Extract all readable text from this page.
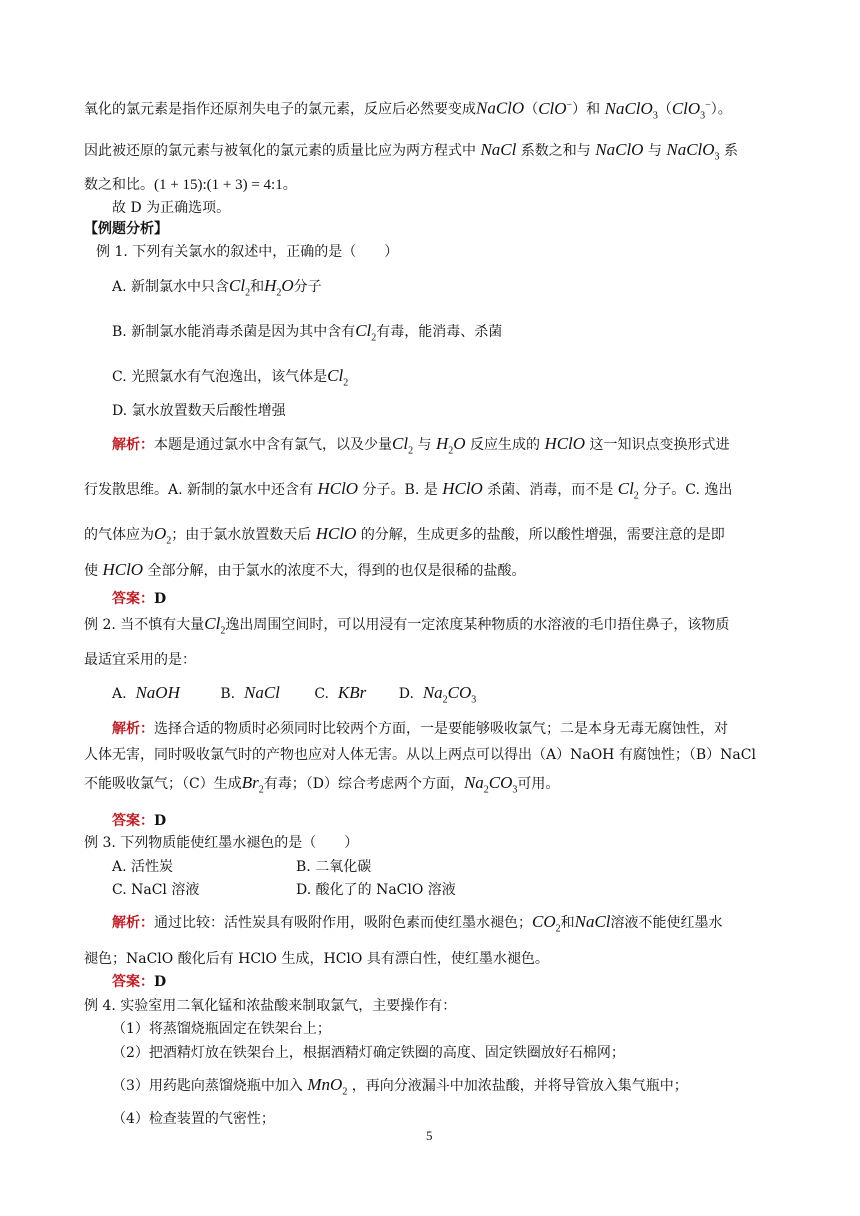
氧化的氯元素是指作还原剂失电子的氯元素，反应后必然要变成NaClO（ClO−）和 NaClO$_3$（ClO$_3$−）。
因此被还原的氯元素与被氧化的氯元素的质量比应为两方程式中 NaCl 系数之和与 NaClO 与 NaClO$_3$ 系
数之和比。(1 + 15):(1 + 3) = 4:1。
故 D 为正确选项。
【例题分析】
例 1. 下列有关氯水的叙述中，正确的是（　　）
A. 新制氯水中只含$Cl_2$和$H_2O$分子
B. 新制氯水能消毒杀菌是因为其中含有$Cl_2$有毒，能消毒、杀菌
C. 光照氯水有气泡逸出，该气体是$Cl_2$
D. 氯水放置数天后酸性增强
解析：本题是通过氯水中含有氯气，以及少量$Cl_2$ 与 $H_2O$ 反应生成的 HClO 这一知识点变换形式进
行发散思维。A. 新制的氯水中还含有 HClO 分子。B. 是 HClO 杀菌、消毒，而不是 $Cl_2$ 分子。C. 逸出
的气体应为$O_2$；由于氯水放置数天后 HClO 的分解，生成更多的盐酸，所以酸性增强，需要注意的是即
使 HClO 全部分解，由于氯水的浓度不大，得到的也仅是很稀的盐酸。
答案：D
例 2. 当不慎有大量$Cl_2$逸出周围空间时，可以用浸有一定浓度某种物质的水溶液的毛巾捂住鼻子，该物质
最适宜采用的是：
A. NaOH	B. NaCl C. KBr D. $Na_2CO_3$
解析：选择合适的物质时必须同时比较两个方面，一是要能够吸收氯气；二是本身无毒无腐蚀性，对
人体无害，同时吸收氯气时的产物也应对人体无害。从以上两点可以得出（A）NaOH 有腐蚀性；（B）NaCl
不能吸收氯气；（C）生成$Br_2$有毒；（D）综合考虑两个方面，$Na_2CO_3$可用。
答案：D
例 3. 下列物质能使红墨水褪色的是（　　）
A. 活性炭	B. 二氧化碳
C. NaCl 溶液	D. 酸化了的 NaClO 溶液
解析：通过比较：活性炭具有吸附作用，吸附色素而使红墨水褪色；$CO_2$和NaCl溶液不能使红墨水
褪色；NaClO 酸化后有 HClO 生成，HClO 具有漂白性，使红墨水褪色。
答案：D
例 4. 实验室用二氧化锰和浓盐酸来制取氯气，主要操作有：
（1）将蒸馏烧瓶固定在铁架台上；
（2）把酒精灯放在铁架台上，根据酒精灯确定铁圈的高度、固定铁圈放好石棉网；
（3）用药匙向蒸馏烧瓶中加入 MnO$_2$ ，再向分液漏斗中加浓盐酸，并将导管放入集气瓶中；
（4）检查装置的气密性；
5
